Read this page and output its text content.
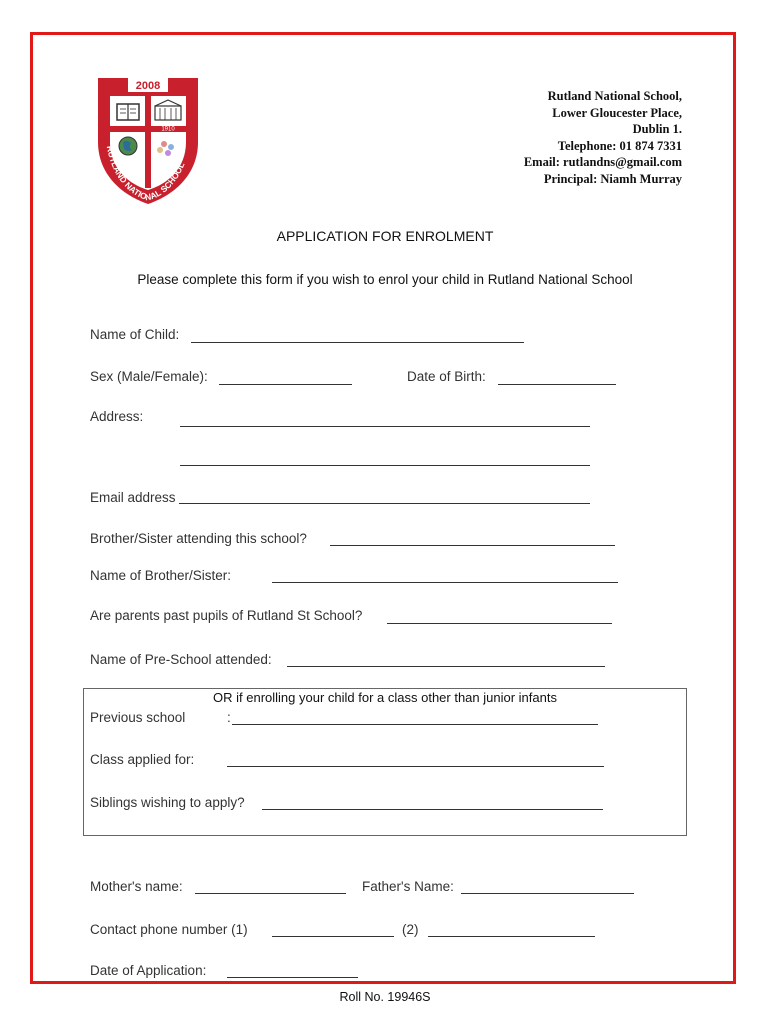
2008
1910
RUTLAND NATIONAL SCHOOL
Rutland National School,
Lower Gloucester Place,
Dublin 1.
Telephone: 01 874 7331
Email: rutlandns@gmail.com
Principal: Niamh Murray
APPLICATION FOR ENROLMENT
Please complete this form if you wish to enrol your child in Rutland National School
Name of Child:
Sex (Male/Female):	Date of Birth:
Address:
Email address
Brother/Sister attending this school?
Name of Brother/Sister:
Are parents past pupils of Rutland St School?
Name of Pre-School attended:
OR if enrolling your child for a class other than junior infants
Previous school	:
Class applied for:
Siblings wishing to apply?
Mother's name:	Father's Name:
Contact phone number (1)	(2)
Date of Application:
Roll No. 19946S
